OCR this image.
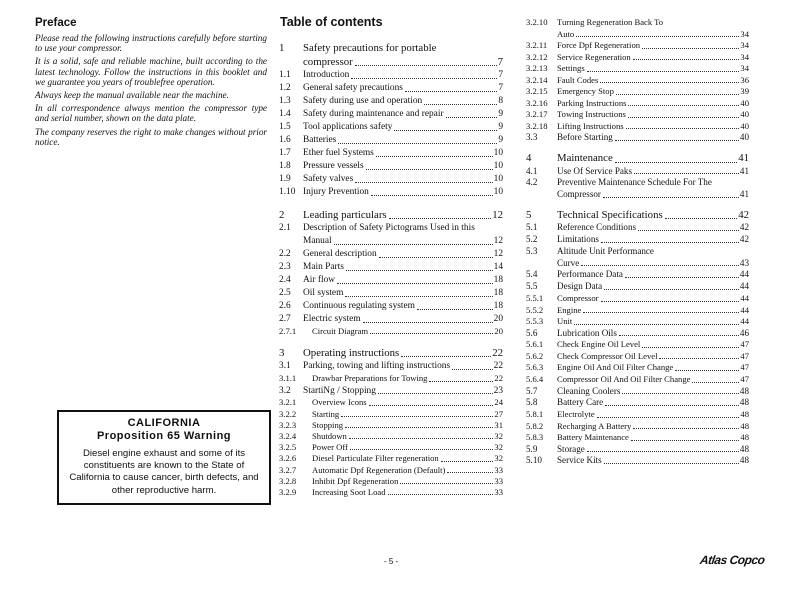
Preface

Please read the following instructions carefully before starting to use your compressor.

It is a solid, safe and reliable machine, built according to the latest technology. Follow the instructions in this booklet and we guarantee you years of troublefree operation.

Always keep the manual available near the machine.

In all correspondence always mention the compressor type and serial number, shown on the data plate.

The company reserves the right to make changes without prior notice.

CALIFORNIA
Proposition 65 Warning
Diesel engine exhaust and some of its constituents are known to the State of California to cause cancer, birth defects, and other reproductive harm.
Table of contents
1	Safety precautions for portable
compressor	7
1.1	Introduction	7
1.2	General safety precautions	7
1.3	Safety during use and operation	8
1.4	Safety during maintenance and repair	9
1.5	Tool applications safety	9
1.6	Batteries	9
1.7	Ether fuel Systems	10
1.8	Pressure vessels	10
1.9	Safety valves	10
1.10 Injury Prevention	10
2	Leading particulars	12
2.1	Description of Safety Pictograms Used in this
Manual	12
2.2	General description	12
2.3	Main Parts	14
2.4	Air flow	18
2.5	Oil system	18
2.6	Continuous regulating system	18
2.7	Electric system	20
2.7.1	Circuit Diagram	20
3	Operating instructions	22
3.1	Parking, towing and lifting instructions	22
3.1.1	Drawbar Preparations for Towing	22
3.2	StartiNg / Stopping	23
3.2.1	Overview Icons	24
3.2.2	Starting	27
3.2.3	Stopping	31
3.2.4	Shutdown	32
3.2.5	Power Off	32
3.2.6	Diesel Particulate Filter regeneration	32
3.2.7	Automatic Dpf Regeneration (Default)	33
3.2.8	Inhibit Dpf Regeneration	33
3.2.9	Increasing Soot Load	33
3.2.10	Turning Regeneration Back To
Auto	34
3.2.11	Force Dpf Regeneration	34
3.2.12	Service Regeneration	34
3.2.13	Settings	34
3.2.14	Fault Codes	36
3.2.15	Emergency Stop	39
3.2.16	Parking Instructions	40
3.2.17	Towing Instructions	40
3.2.18	Lifting Instructions	40
3.3	Before Starting	40
4	Maintenance	41
4.1	Use Of Service Paks	41
4.2	Preventive Maintenance Schedule For The
Compressor	41
5	Technical Specifications	42
5.1	Reference Conditions	42
5.2	Limitations	42
5.3	Altitude Unit Performance
Curve	43
5.4	Performance Data	44
5.5	Design Data	44
5.5.1	Compressor	44
5.5.2	Engine	44
5.5.3	Unit	44
5.6	Lubrication Oils	46
5.6.1	Check Engine Oil Level	47
5.6.2	Check Compressor Oil Level	47
5.6.3	Engine Oil And Oil Filter Change	47
5.6.4	Compressor Oil And Oil Filter Change	47
5.7	Cleaning Coolers	48
5.8	Battery Care	48
5.8.1	Electrolyte	48
5.8.2	Recharging A Battery	48
5.8.3	Battery Maintenance	48
5.9	Storage	48
5.10	Service Kits	48
- 5 -	Atlas Copco
